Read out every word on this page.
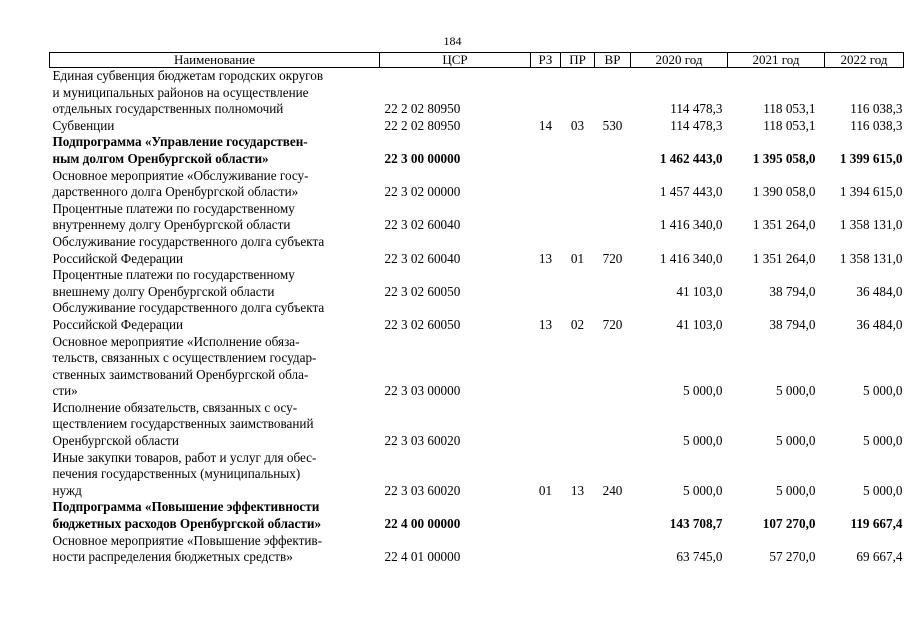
184
Наименование	ЦСР	РЗ	ПР	ВР	2020 год	2021 год	2022 год
Единая субвенция бюджетам городских округов
и муниципальных районов на осуществление
отдельных государственных полномочий	22 2 02 80950				114 478,3	118 053,1	116 038,3
Субвенции	22 2 02 80950	14	03	530	114 478,3	118 053,1	116 038,3
Подпрограмма «Управление государствен-
ным долгом Оренбургской области»	22 3 00 00000				1 462 443,0	1 395 058,0	1 399 615,0
Основное мероприятие «Обслуживание госу-
дарственного долга Оренбургской области»	22 3 02 00000				1 457 443,0	1 390 058,0	1 394 615,0
Процентные платежи по государственному
внутреннему долгу Оренбургской области	22 3 02 60040				1 416 340,0	1 351 264,0	1 358 131,0
Обслуживание государственного долга субъекта
Российской Федерации	22 3 02 60040	13	01	720	1 416 340,0	1 351 264,0	1 358 131,0
Процентные платежи по государственному
внешнему долгу Оренбургской области	22 3 02 60050				41 103,0	38 794,0	36 484,0
Обслуживание государственного долга субъекта
Российской Федерации	22 3 02 60050	13	02	720	41 103,0	38 794,0	36 484,0
Основное мероприятие «Исполнение обяза-
тельств, связанных с осуществлением государ-
ственных заимствований Оренбургской обла-
сти»	22 3 03 00000				5 000,0	5 000,0	5 000,0
Исполнение обязательств, связанных с осу-
ществлением государственных заимствований
Оренбургской области	22 3 03 60020				5 000,0	5 000,0	5 000,0
Иные закупки товаров, работ и услуг для обес-
печения государственных (муниципальных)
нужд	22 3 03 60020	01	13	240	5 000,0	5 000,0	5 000,0
Подпрограмма «Повышение эффективности
бюджетных расходов Оренбургской области»	22 4 00 00000				143 708,7	107 270,0	119 667,4
Основное мероприятие «Повышение эффектив-
ности распределения бюджетных средств»	22 4 01 00000				63 745,0	57 270,0	69 667,4
